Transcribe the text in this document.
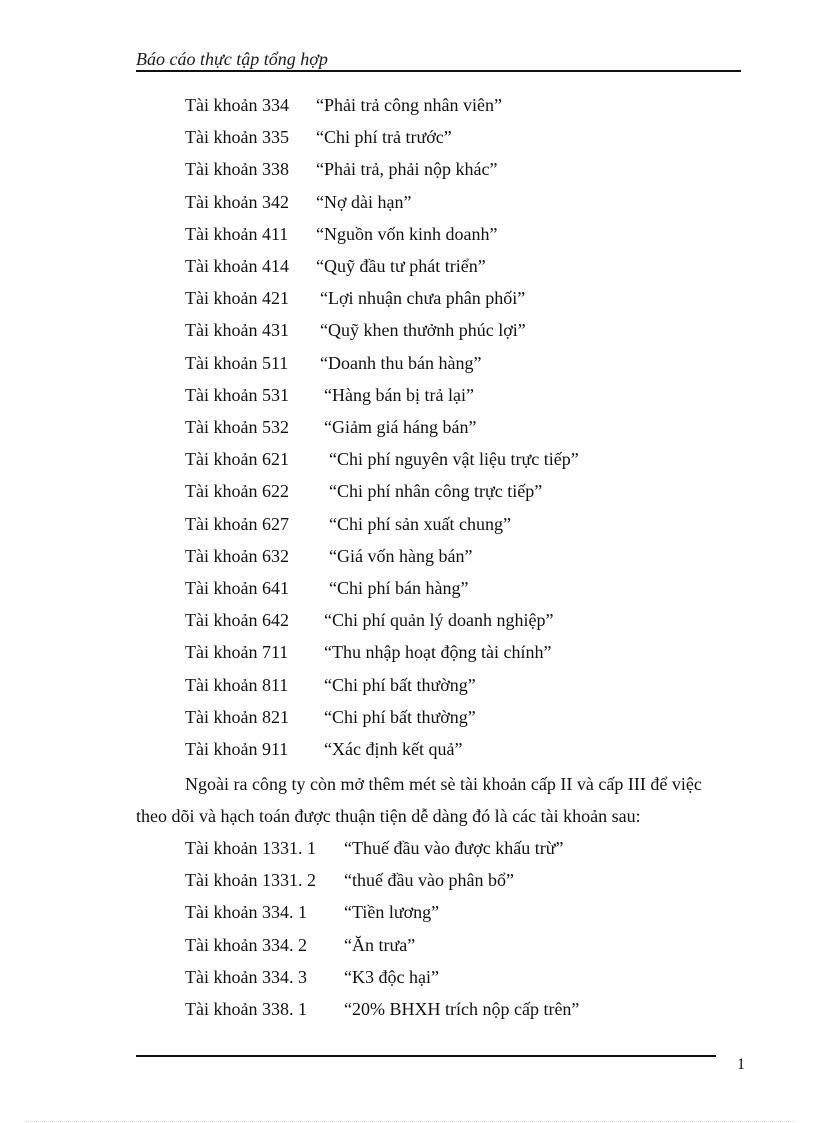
Báo cáo thực tập tổng hợp
Tài khoản 334 “Phải trả công nhân viên”
Tài khoản 335 “Chi phí trả trước”
Tài khoản 338 “Phải trả, phải nộp khác”
Tài khoản 342 “Nợ dài hạn”
Tài khoản 411 “Nguồn vốn kinh doanh”
Tài khoản 414 “Quỹ đầu tư phát triển”
Tài khoản 421 “Lợi nhuận chưa phân phối”
Tài khoản 431 “Quỹ khen thưởnh phúc lợi”
Tài khoản 511 “Doanh thu bán hàng”
Tài khoản 531 “Hàng bán bị trả lại”
Tài khoản 532 “Giảm giá háng bán”
Tài khoản 621 “Chi phí nguyên vật liệu trực tiếp”
Tài khoản 622 “Chi phí nhân công trực tiếp”
Tài khoản 627 “Chi phí sản xuất chung”
Tài khoản 632 “Giá vốn hàng bán”
Tài khoản 641 “Chi phí bán hàng”
Tài khoản 642 “Chi phí quản lý doanh nghiệp”
Tài khoản 711 “Thu nhập hoạt động tài chính”
Tài khoản 811 “Chi phí bất thường”
Tài khoản 821 “Chi phí bất thường”
Tài khoản 911 “Xác định kết quả”
Tài khoản 1331. 1 “Thuế đầu vào được khấu trừ”
Tài khoản 1331. 2 “thuế đầu vào phân bổ”
Tài khoản 334. 1 “Tiền lương”
Tài khoản 334. 2 “Ăn trưa”
Tài khoản 334. 3 “K3 độc hại”
Tài khoản 338. 1 “20% BHXH trích nộp cấp trên”
Ngoài ra công ty còn mở thêm mét sè tài khoản cấp II và cấp III để việc
theo dõi và hạch toán được thuận tiện dễ dàng đó là các tài khoản sau:
1
